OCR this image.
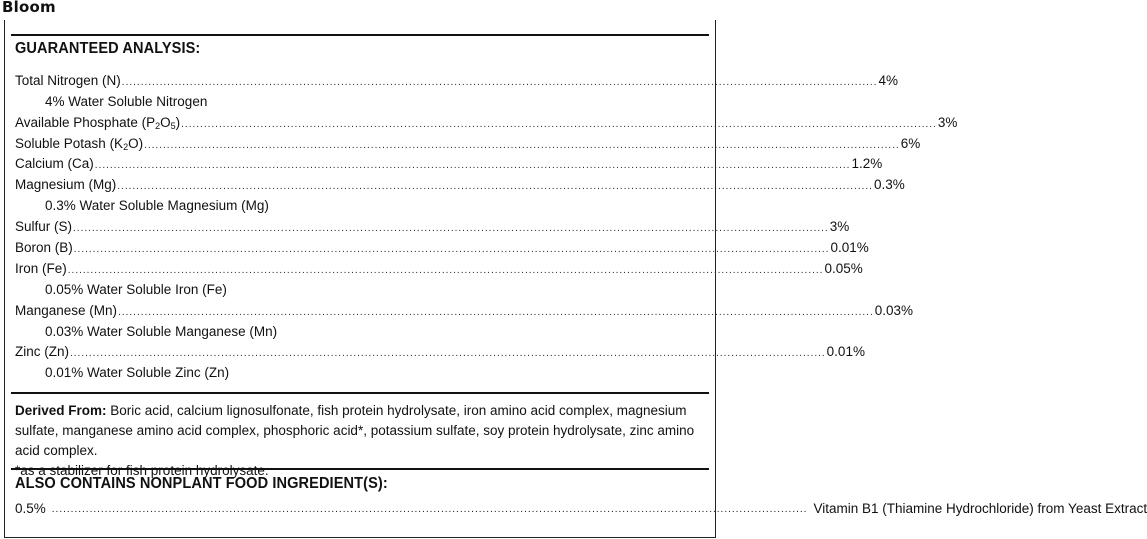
Bloom
GUARANTEED ANALYSIS:
Total Nitrogen (N) ........................................................................................................................................................................................................ 4%
4% Water Soluble Nitrogen
Available Phosphate $(P_2O_5)$ ........................................................................................................................................................................................................ 3%
Soluble Potash $(K_2O)$ ........................................................................................................................................................................................................ 6%
Calcium (Ca) ........................................................................................................................................................................................................ 1.2%
Magnesium (Mg) ........................................................................................................................................................................................................ 0.3%
0.3% Water Soluble Magnesium (Mg)
Sulfur (S) ........................................................................................................................................................................................................ 3%
Boron (B) ........................................................................................................................................................................................................ 0.01%
Iron (Fe) ........................................................................................................................................................................................................ 0.05%
0.05% Water Soluble Iron (Fe)
Manganese (Mn) ........................................................................................................................................................................................................ 0.03%
0.03% Water Soluble Manganese (Mn)
Zinc (Zn) ........................................................................................................................................................................................................ 0.01%
0.01% Water Soluble Zinc (Zn)
Derived From: Boric acid, calcium lignosulfonate, fish protein hydrolysate, iron amino acid complex, magnesium sulfate, manganese amino acid complex, phosphoric acid*, potassium sulfate, soy protein hydrolysate, zinc amino acid complex.
*as a stabilizer for fish protein hydrolysate.
ALSO CONTAINS NONPLANT FOOD INGREDIENT(S):
0.5% ........................................................................................................................................................................................................ Vitamin B1 (Thiamine Hydrochloride) from Yeast Extract
